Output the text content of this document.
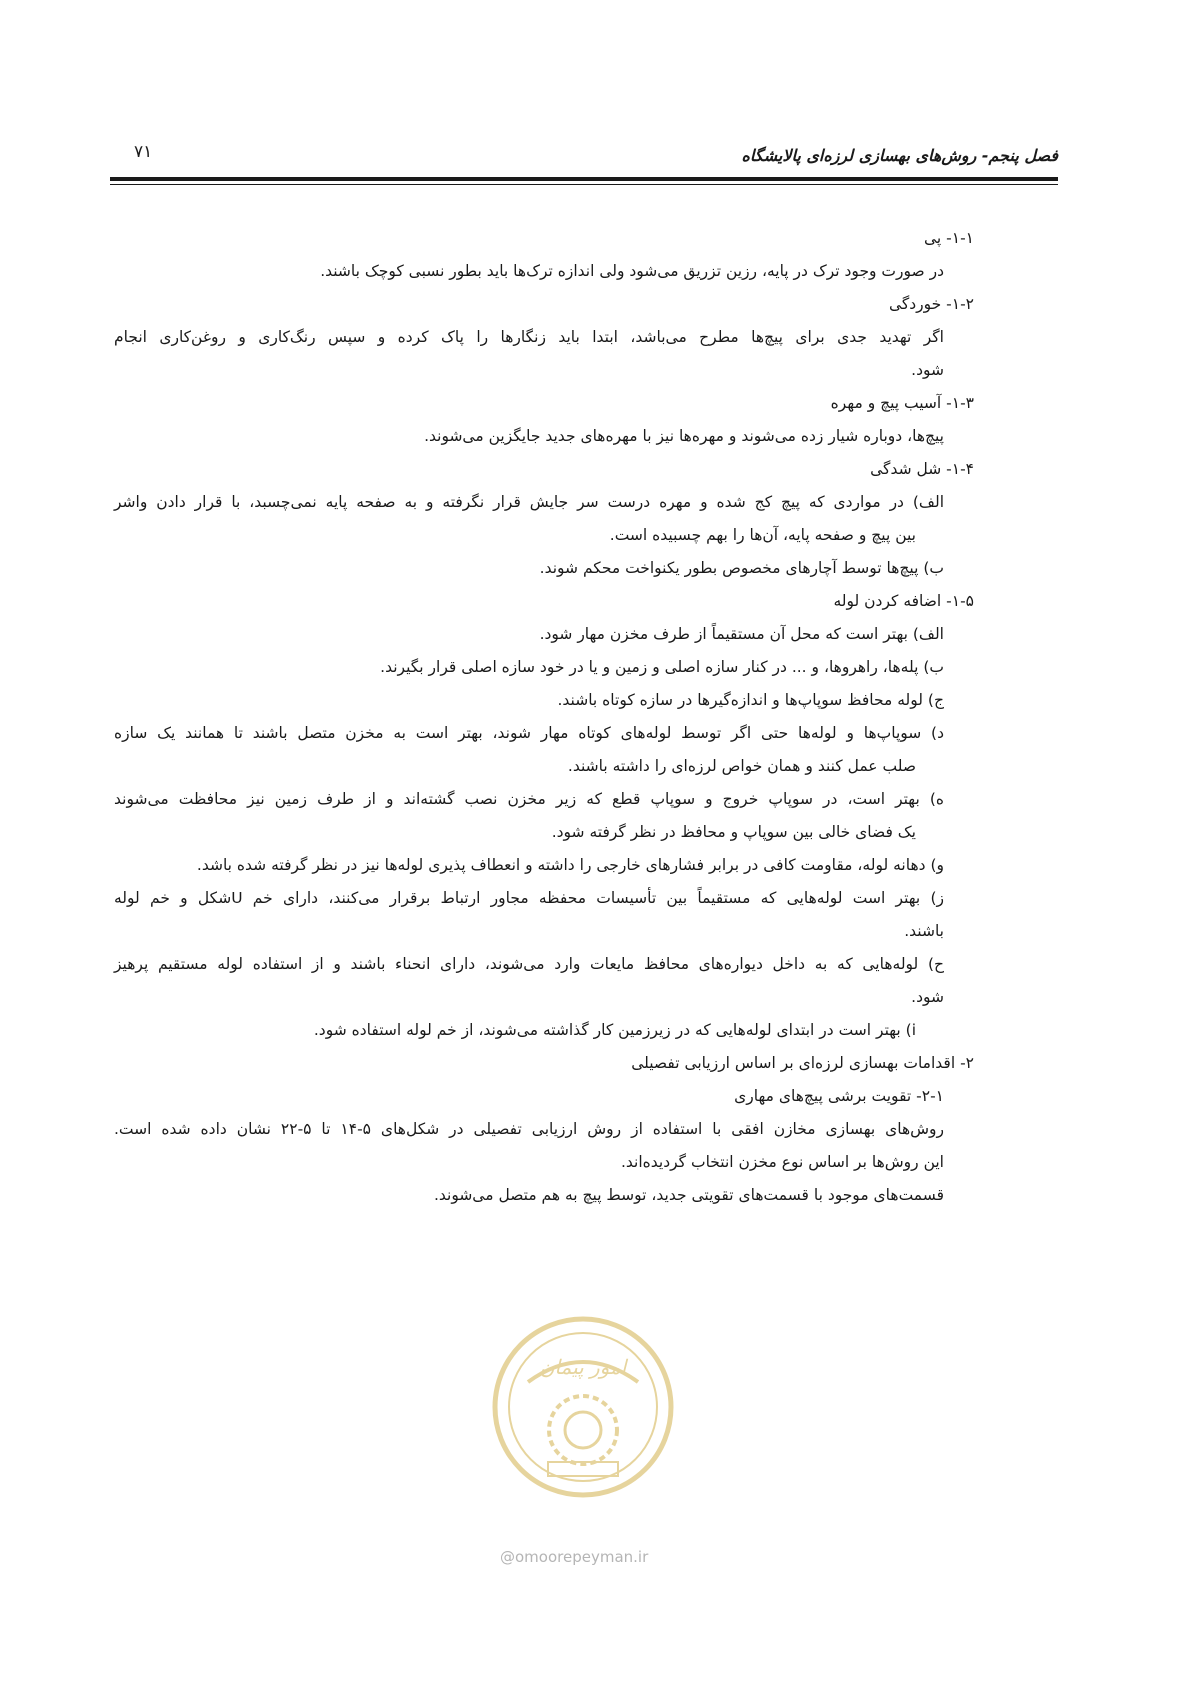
فصل پنجم- روش‌های بهسازی لرزه‌ای پالایشگاه
۷۱
۱-۱- پی
در صورت وجود ترک در پایه، رزین تزریق می‌شود ولی اندازه ترک‌ها باید بطور نسبی کوچک باشند.
۱-۲- خوردگی
اگر تهدید جدی برای پیچ‌ها مطرح می‌باشد، ابتدا باید زنگارها را پاک کرده و سپس رنگ‌کاری و روغن‌کاری انجام
شود.
۱-۳- آسیب پیچ و مهره
پیچ‌ها، دوباره شیار زده می‌شوند و مهره‌ها نیز با مهره‌های جدید جایگزین می‌شوند.
۱-۴- شل شدگی
الف) در مواردی که پیچ کج شده و مهره درست سر جایش قرار نگرفته و به صفحه پایه نمی‌چسبد، با قرار دادن واشر
بین پیچ و صفحه پایه، آن‌ها را بهم چسبیده است.
ب) پیچ‌ها توسط آچارهای مخصوص بطور یکنواخت محکم شوند.
۱-۵- اضافه کردن لوله
الف) بهتر است که محل آن مستقیماً از طرف مخزن مهار شود.
ب) پله‌ها، راهروها، و ... در کنار سازه اصلی و زمین و یا در خود سازه اصلی قرار بگیرند.
ج) لوله محافظ سوپاپ‌ها و اندازه‌گیرها در سازه کوتاه باشند.
د) سوپاپ‌ها و لوله‌ها حتی اگر توسط لوله‌های کوتاه مهار شوند، بهتر است به مخزن متصل باشند تا همانند یک سازه
صلب عمل کنند و همان خواص لرزه‌ای را داشته باشند.
ه) بهتر است، در سوپاپ خروج و سوپاپ قطع که زیر مخزن نصب گشته‌اند و از طرف زمین نیز محافظت می‌شوند
یک فضای خالی بین سوپاپ و محافظ در نظر گرفته شود.
و) دهانه لوله، مقاومت کافی در برابر فشارهای خارجی را داشته و انعطاف پذیری لوله‌ها نیز در نظر گرفته شده باشد.
ز) بهتر است لوله‌هایی که مستقیماً بین تأسیسات محفظه مجاور ارتباط برقرار می‌کنند، دارای خم Uشکل و خم لوله
باشند.
ح) لوله‌هایی که به داخل دیواره‌های محافظ مایعات وارد می‌شوند، دارای انحناء باشند و از استفاده لوله مستقیم پرهیز
شود.
i) بهتر است در ابتدای لوله‌هایی که در زیرزمین کار گذاشته می‌شوند، از خم لوله استفاده شود.
۲- اقدامات بهسازی لرزه‌ای بر اساس ارزیابی تفصیلی
۲-۱- تقویت برشی پیچ‌های مهاری
روش‌های بهسازی مخازن افقی با استفاده از روش ارزیابی تفصیلی در شکل‌های ۵-۱۴ تا ۵-۲۲ نشان داده شده است.
این روش‌ها بر اساس نوع مخزن انتخاب گردیده‌اند.
قسمت‌های موجود با قسمت‌های تقویتی جدید، توسط پیچ به هم متصل می‌شوند.
امور پیمان
@omoorepeyman.ir
